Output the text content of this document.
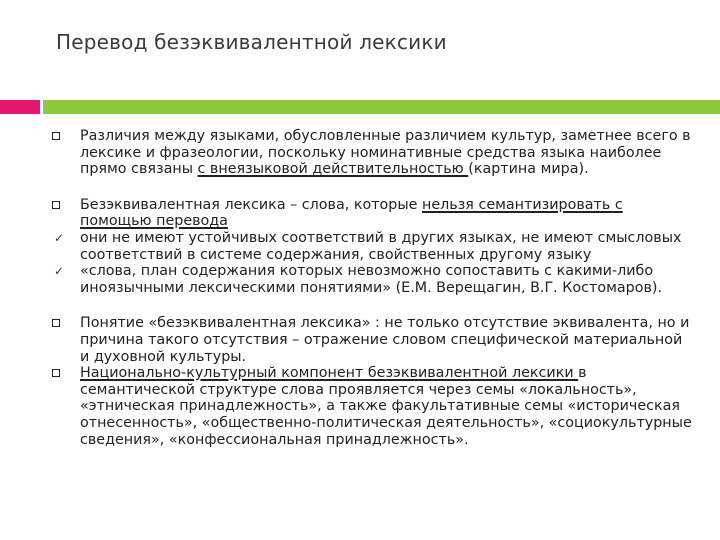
Перевод безэквивалентной лексики
Различия между языками, обусловленные различием культур, заметнее всего в лексике и фразеологии, поскольку номинативные средства языка наиболее прямо связаны с внеязыковой действительностью (картина мира).
Безэквивалентная лексика – слова, которые нельзя семантизировать с помощью перевода
✓ они не имеют устойчивых соответствий в других языках, не имеют смысловых соответствий в системе содержания, свойственных другому языку
✓ «слова, план содержания которых невозможно сопоставить с какими-либо иноязычными лексическими понятиями» (Е.М. Верещагин, В.Г. Костомаров).
Понятие «безэквивалентная лексика» : не только отсутствие эквивалента, но и причина такого отсутствия – отражение словом специфической материальной и духовной культуры.
Национально-культурный компонент безэквивалентной лексики в семантической структуре слова проявляется через семы «локальность», «этническая принадлежность», а также факультативные семы «историческая отнесенность», «общественно-политическая деятельность», «социокультурные сведения», «конфессиональная принадлежность».
